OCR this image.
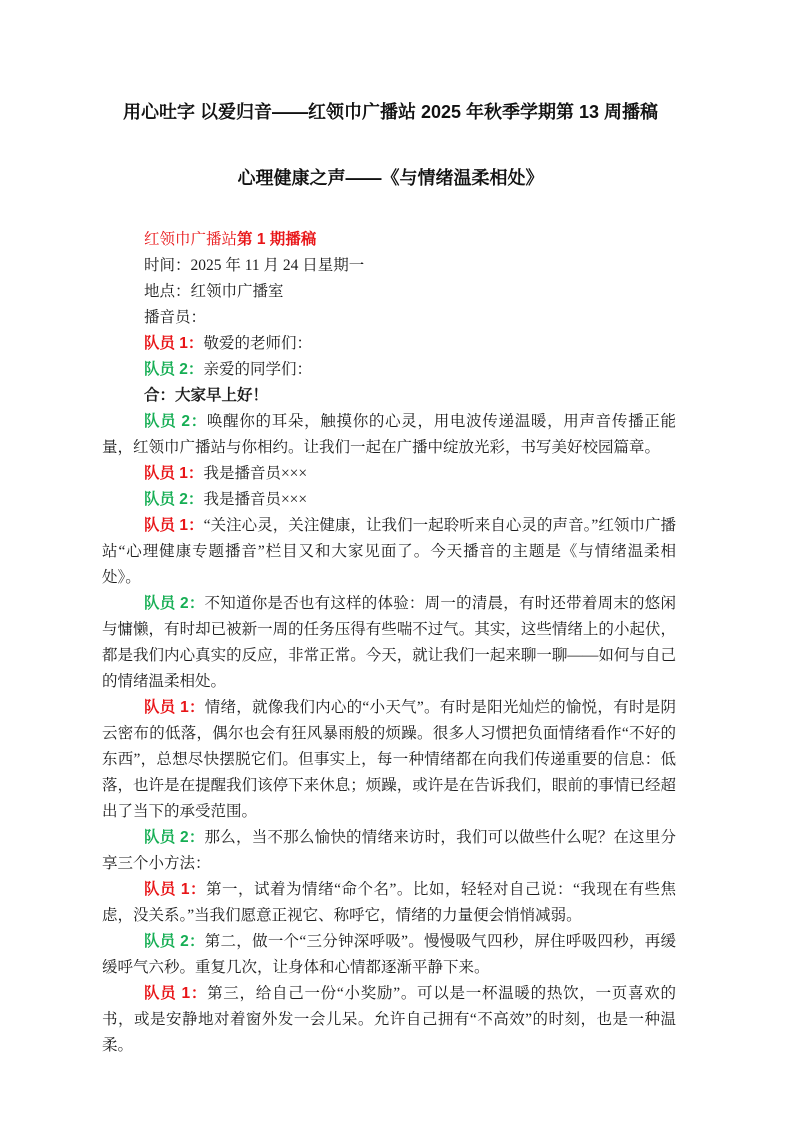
用心吐字 以爱归音——红领巾广播站 2025 年秋季学期第 13 周播稿
心理健康之声——《与情绪温柔相处》

红领巾广播站第 1 期播稿

时间：2025 年 11 月 24 日星期一

地点：红领巾广播室

播音员：

队员 1：敬爱的老师们：

队员 2：亲爱的同学们：

合：大家早上好！

队员 2：唤醒你的耳朵，触摸你的心灵，用电波传递温暖，用声音传播正能量，红领巾广播站与你相约。让我们一起在广播中绽放光彩，书写美好校园篇章。

队员 1：我是播音员×××

队员 2：我是播音员×××

队员 1：“关注心灵，关注健康，让我们一起聆听来自心灵的声音。”红领巾广播站“心理健康专题播音”栏目又和大家见面了。今天播音的主题是《与情绪温柔相处》。

队员 2：不知道你是否也有这样的体验：周一的清晨，有时还带着周末的悠闲与慵懒，有时却已被新一周的任务压得有些喘不过气。其实，这些情绪上的小起伏，都是我们内心真实的反应，非常正常。今天，就让我们一起来聊一聊——如何与自己的情绪温柔相处。

队员 1：情绪，就像我们内心的“小天气”。有时是阳光灿烂的愉悦，有时是阴云密布的低落，偶尔也会有狂风暴雨般的烦躁。很多人习惯把负面情绪看作“不好的东西”，总想尽快摆脱它们。但事实上，每一种情绪都在向我们传递重要的信息：低落，也许是在提醒我们该停下来休息；烦躁，或许是在告诉我们，眼前的事情已经超出了当下的承受范围。

队员 2：那么，当不那么愉快的情绪来访时，我们可以做些什么呢？在这里分享三个小方法：

队员 1：第一，试着为情绪“命个名”。比如，轻轻对自己说：“我现在有些焦虑，没关系。”当我们愿意正视它、称呼它，情绪的力量便会悄悄减弱。

队员 2：第二，做一个“三分钟深呼吸”。慢慢吸气四秒，屏住呼吸四秒，再缓缓呼气六秒。重复几次，让身体和心情都逐渐平静下来。

队员 1：第三，给自己一份“小奖励”。可以是一杯温暖的热饮，一页喜欢的书，或是安静地对着窗外发一会儿呆。允许自己拥有“不高效”的时刻，也是一种温柔。
